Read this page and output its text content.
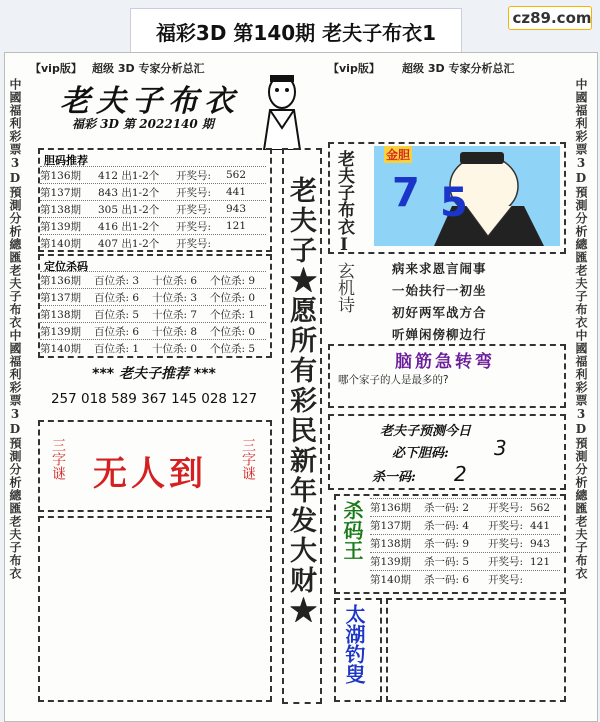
福彩3D 第140期 老夫子布衣1
cz89.com
【vip版】 超级 3D 专家分析总汇	【vip版】 超级 3D 专家分析总汇
中國福利彩票3D預測分析總匯老夫子布衣中國福利彩票3D預測分析總匯老夫子布衣
中國福利彩票3D預測分析總匯老夫子布衣中國福利彩票3D預測分析總匯老夫子布衣
老夫子布衣
福彩 3D 第 2022140 期
胆码推荐
第136期	412 出1-2个	开奖号:	562
第137期	843 出1-2个	开奖号:	441
第138期	305 出1-2个	开奖号:	943
第139期	416 出1-2个	开奖号:	121
第140期	407 出1-2个	开奖号:
定位杀码
第136期	百位杀: 3	十位杀: 6	个位杀: 9
第137期	百位杀: 6	十位杀: 3	个位杀: 0
第138期	百位杀: 5	十位杀: 7	个位杀: 1
第139期	百位杀: 6	十位杀: 8	个位杀: 0
第140期	百位杀: 1	十位杀: 0	个位杀: 5
*** 老夫子推荐 ***
257 018 589 367 145 028 127
三字谜	三字谜
无人到	老夫子★愿所有彩民新年发大财★ 老夫子布衣I	金胆
7 5
玄机诗	病来求恩言闹事
一始扶行一初坐
初好两军战方合
听婵闲傍柳边行
脑筋急转弯
哪个家子的人是最多的?
老夫子预测今日
必下胆码: 3
杀一码: 2
杀码王 第136期	杀一码: 2	开奖号: 562
第137期	杀一码: 4	开奖号: 441
第138期	杀一码: 9	开奖号: 943
第139期	杀一码: 5	开奖号: 121
第140期	杀一码: 6	开奖号:
太湖钓叟
